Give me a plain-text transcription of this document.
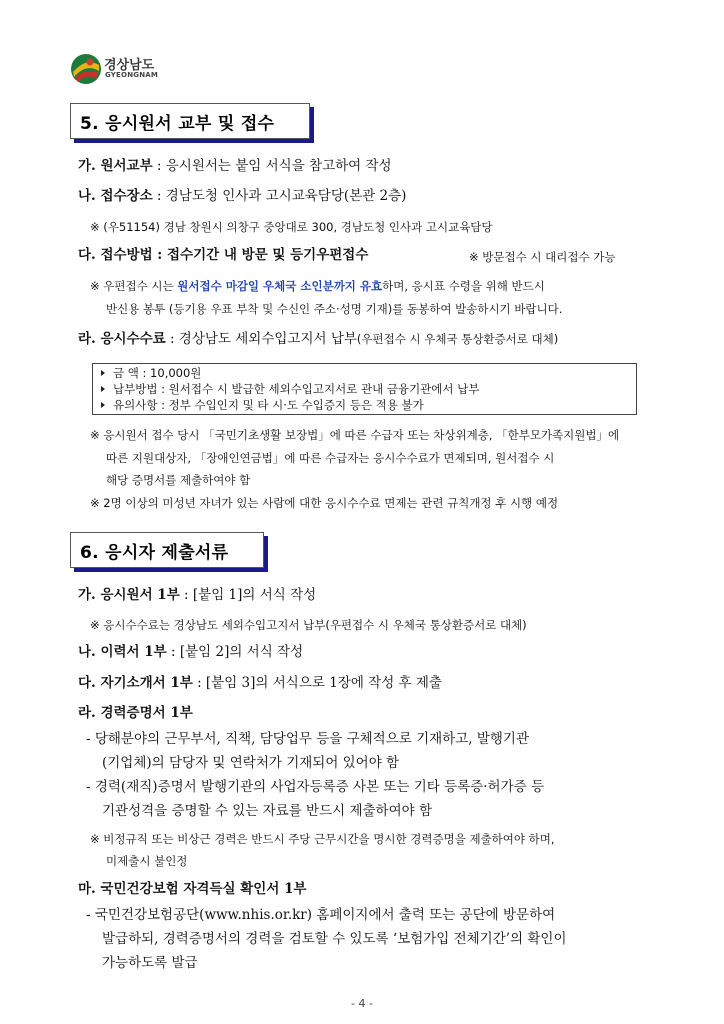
경상남도
GYEONGNAM
5. 응시원서 교부 및 접수
가. 원서교부 : 응시원서는 붙임 서식을 참고하여 작성
나. 접수장소 : 경남도청 인사과 고시교육담당(본관 2층)
※ (우51154) 경남 창원시 의창구 중앙대로 300, 경남도청 인사과 고시교육담당
다. 접수방법 : 접수기간 내 방문 및 등기우편접수	※ 방문접수 시 대리접수 가능
※ 우편접수 시는 원서접수 마감일 우체국 소인분까지 유효하며, 응시표 수령을 위해 반드시
반신용 봉투 (등기용 우표 부착 및 수신인 주소·성명 기재)를 동봉하여 발송하시기 바랍니다.
라. 응시수수료 : 경상남도 세외수입고지서 납부(우편접수 시 우체국 통상환증서로 대체)
금 액 : 10,000원
납부방법 : 원서접수 시 발급한 세외수입고지서로 관내 금융기관에서 납부
유의사항 : 정부 수입인지 및 타 시·도 수입증지 등은 적용 불가
※ 응시원서 접수 당시 「국민기초생활 보장법」에 따른 수급자 또는 차상위계층, 「한부모가족지원법」에
따른 지원대상자, 「장애인연금법」에 따른 수급자는 응시수수료가 면제되며, 원서접수 시
해당 증명서를 제출하여야 함
※ 2명 이상의 미성년 자녀가 있는 사람에 대한 응시수수료 면제는 관련 규칙개정 후 시행 예정
6. 응시자 제출서류
가. 응시원서 1부 : [붙임 1]의 서식 작성
※ 응시수수료는 경상남도 세외수입고지서 납부(우편접수 시 우체국 통상환증서로 대체)
나. 이력서 1부 : [붙임 2]의 서식 작성
다. 자기소개서 1부 : [붙임 3]의 서식으로 1장에 작성 후 제출
라. 경력증명서 1부
- 당해분야의 근무부서, 직책, 담당업무 등을 구체적으로 기재하고, 발행기관
(기업체)의 담당자 및 연락처가 기재되어 있어야 함
- 경력(재직)증명서 발행기관의 사업자등록증 사본 또는 기타 등록증·허가증 등
기관성격을 증명할 수 있는 자료를 반드시 제출하여야 함
※ 비정규직 또는 비상근 경력은 반드시 주당 근무시간을 명시한 경력증명을 제출하여야 하며,
미제출시 불인정
마. 국민건강보험 자격득실 확인서 1부
- 국민건강보험공단(www.nhis.or.kr) 홈페이지에서 출력 또는 공단에 방문하여
발급하되, 경력증명서의 경력을 검토할 수 있도록 ‘보험가입 전체기간’의 확인이
가능하도록 발급
- 4 -
